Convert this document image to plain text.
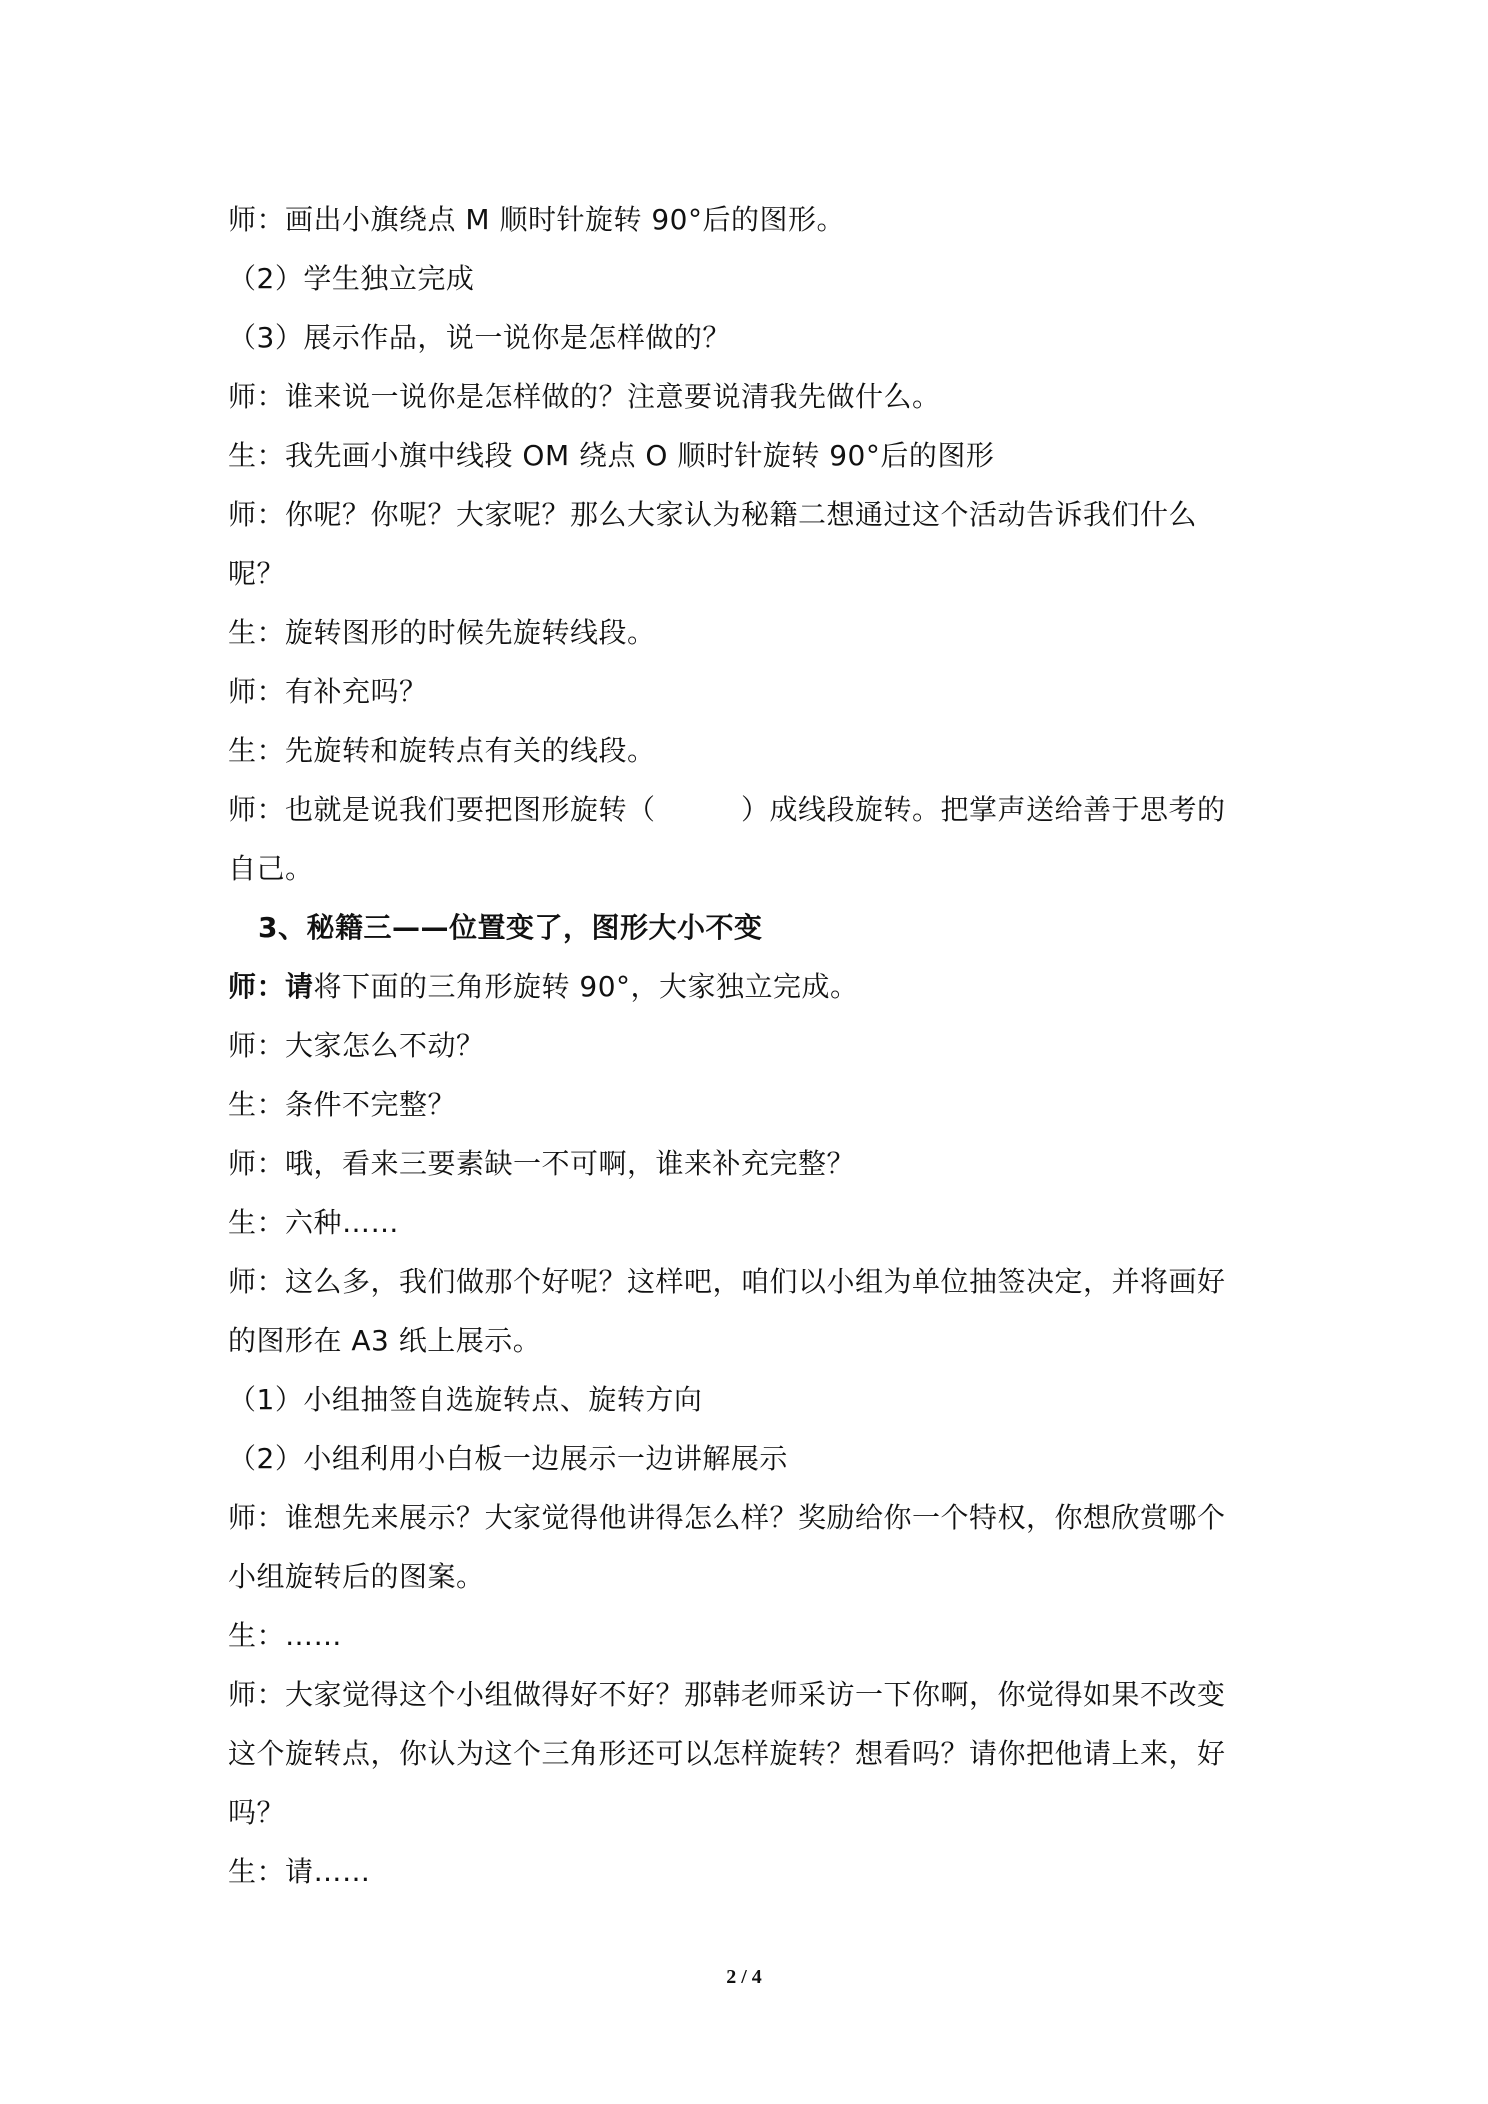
师：画出小旗绕点 M 顺时针旋转 90°后的图形。
（2）学生独立完成
（3）展示作品，说一说你是怎样做的？
师：谁来说一说你是怎样做的？注意要说清我先做什么。
生：我先画小旗中线段 OM 绕点 O 顺时针旋转 90°后的图形
师：你呢？你呢？大家呢？那么大家认为秘籍二想通过这个活动告诉我们什么
呢？
生：旋转图形的时候先旋转线段。
师：有补充吗？
生：先旋转和旋转点有关的线段。
师：也就是说我们要把图形旋转（　　　）成线段旋转。把掌声送给善于思考的
自己。
3、秘籍三——位置变了，图形大小不变
师：请将下面的三角形旋转 90°，大家独立完成。
师：大家怎么不动？
生：条件不完整？
师：哦，看来三要素缺一不可啊，谁来补充完整？
生：六种……
师：这么多，我们做那个好呢？这样吧，咱们以小组为单位抽签决定，并将画好
的图形在 A3 纸上展示。
（1）小组抽签自选旋转点、旋转方向
（2）小组利用小白板一边展示一边讲解展示
师：谁想先来展示？大家觉得他讲得怎么样？奖励给你一个特权，你想欣赏哪个
小组旋转后的图案。
生：……
师：大家觉得这个小组做得好不好？那韩老师采访一下你啊，你觉得如果不改变
这个旋转点，你认为这个三角形还可以怎样旋转？想看吗？请你把他请上来，好
吗？
生：请……
2 / 4
